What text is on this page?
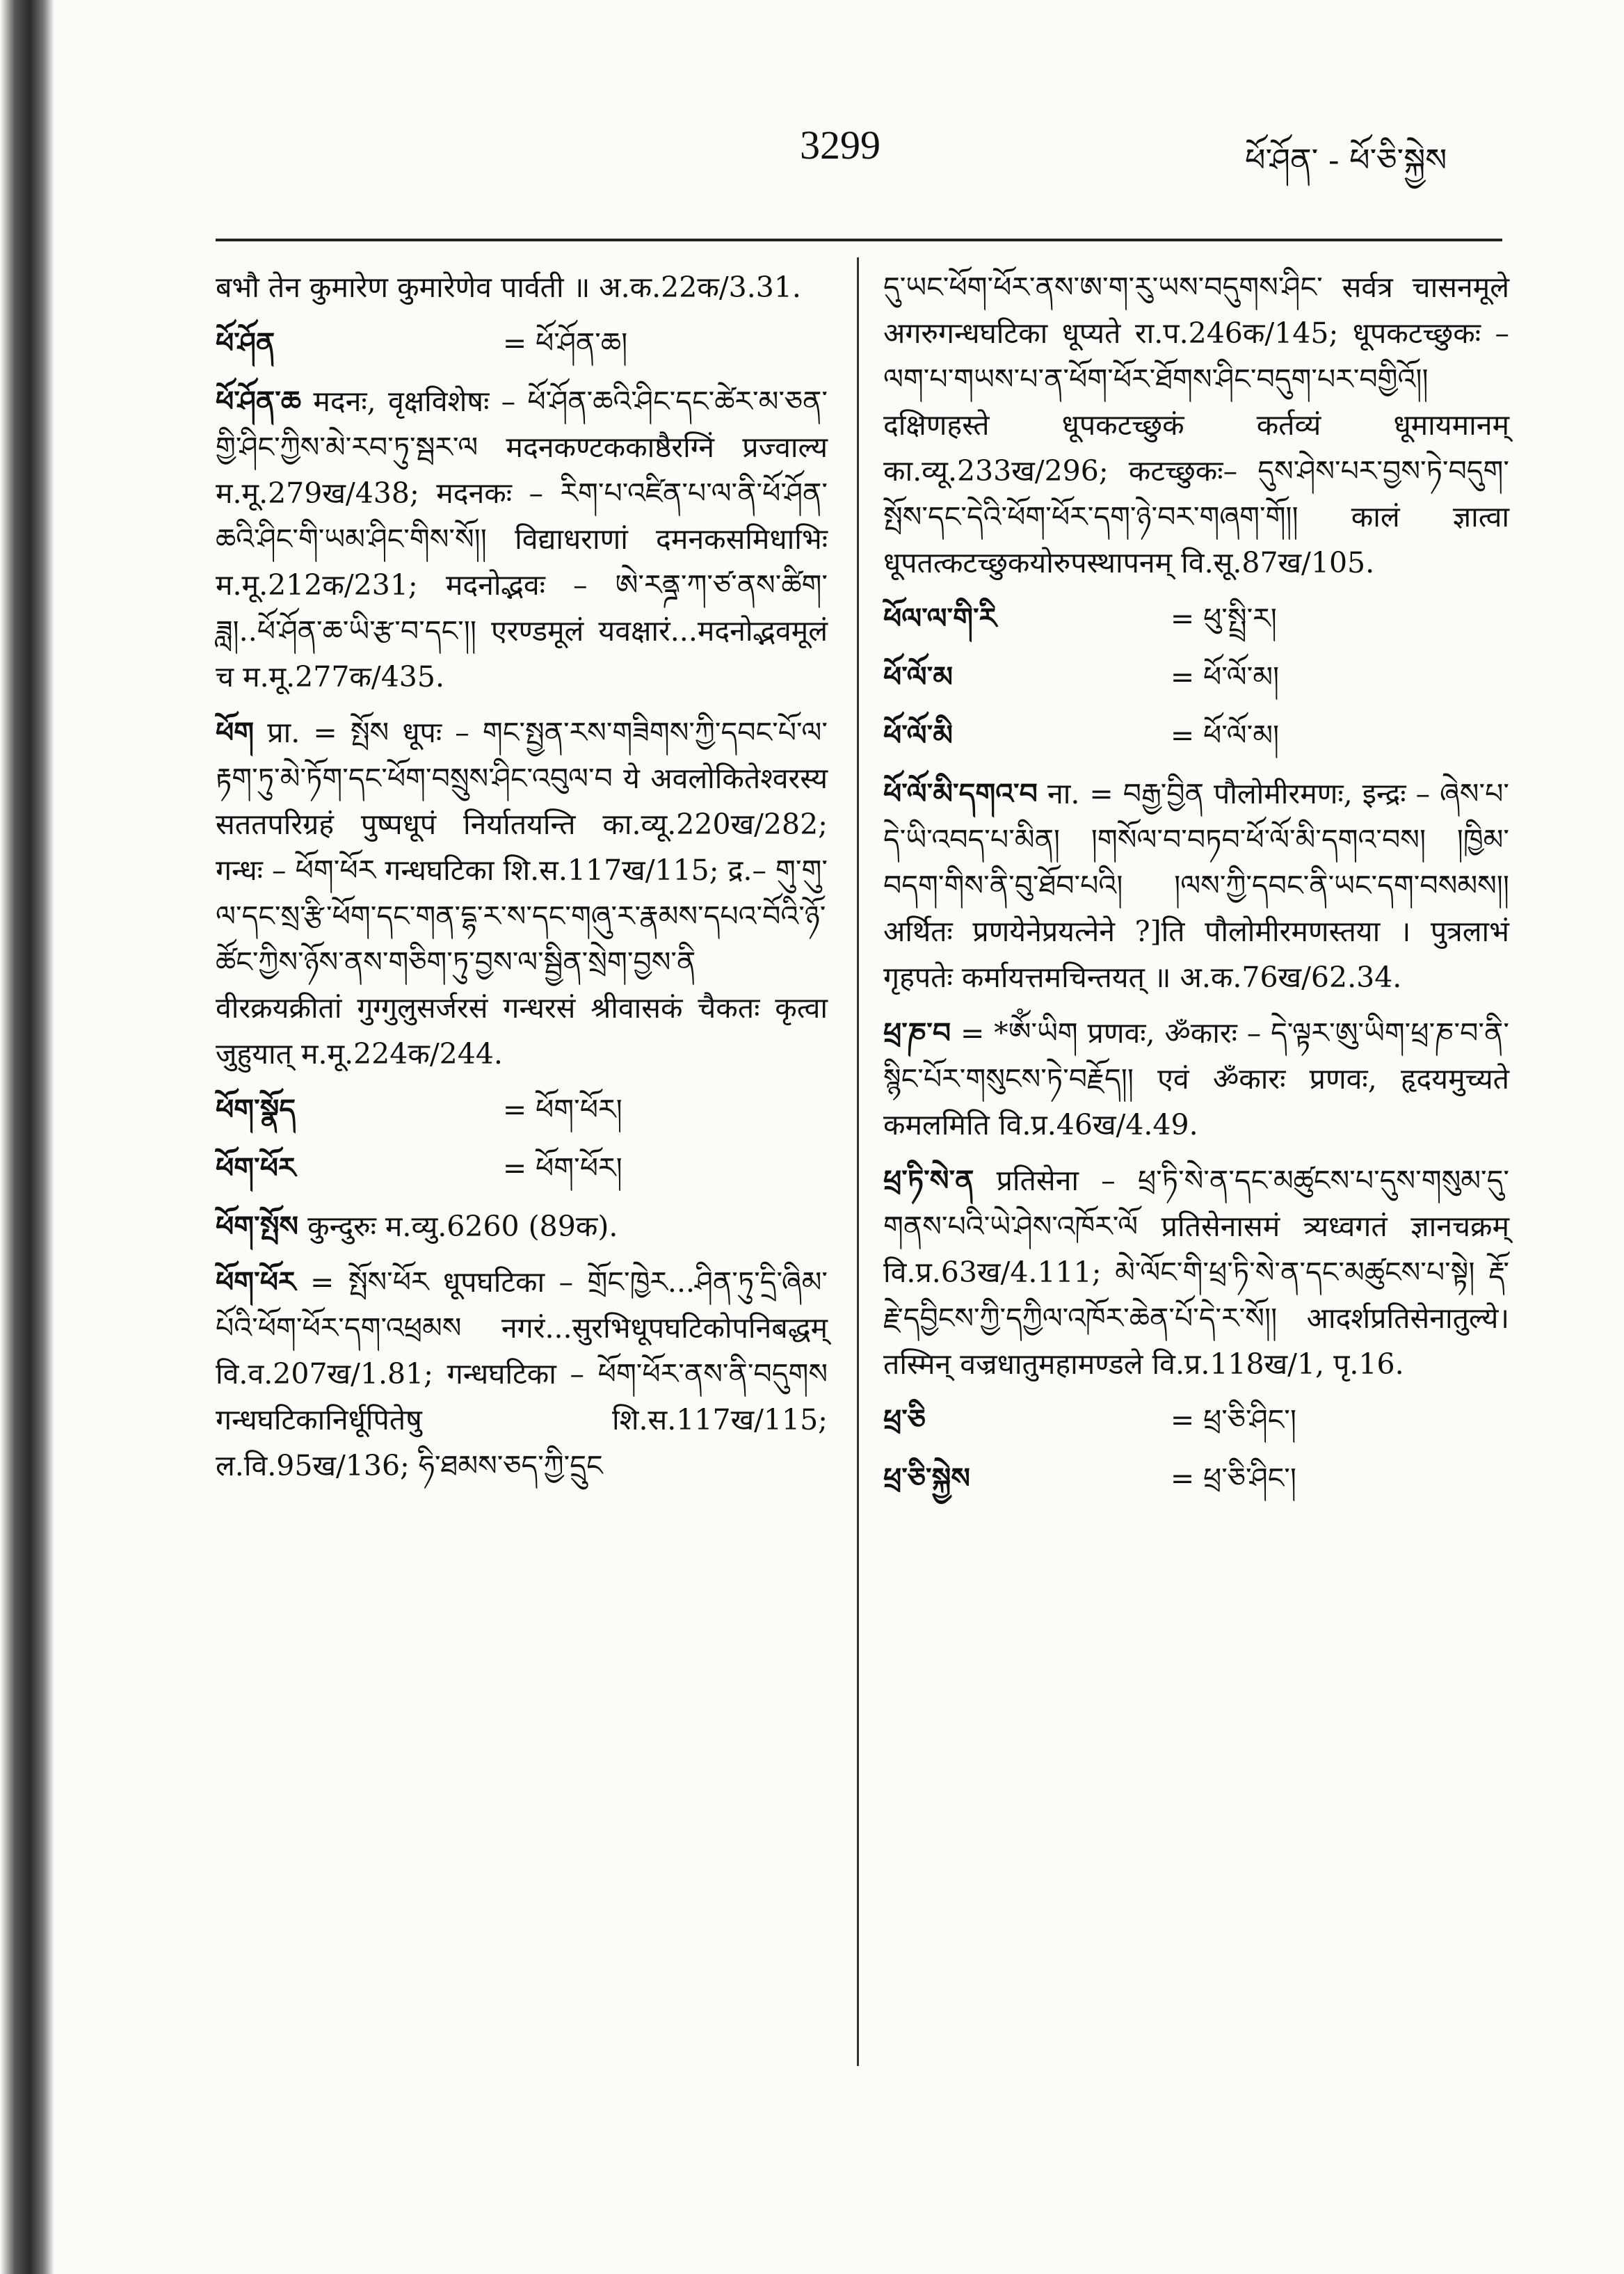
3299	ཕོ་ཤོན་ - ཕོ་ཅི་སྐྱེས
बभौ तेन कुमारेण कुमारेणेव पार्वती ॥ अ.क.22क/3.31.
ཕོ་ཤོན	= ཕོ་ཤོན་ཆ།
ཕོ་ཤོན་ཆ मदनः, वृक्षविशेषः – ཕོ་ཤོན་ཆའི་ཤིང་དང་ཚེར་མ་ཅན་གྱི་ཤིང་ཀྱིས་མེ་རབ་ཏུ་སྦར་ལ मदनकण्टककाष्ठैरग्निं प्रज्वाल्य म.मू.279ख/438; मदनकः – རིག་པ་འཛིན་པ་ལ་ནི་ཕོ་ཤོན་ཆའི་ཤིང་གི་ཡམ་ཤིང་གིས་སོ།། विद्याधराणां दमनकसमिधाभिः म.मू.212क/231; मदनोद्भवः – ཨེ་རནྜ་ཀ་ཙ་ནས་ཚིག་ཟླ།..ཕོ་ཤོན་ཆ་ཡི་རྩ་བ་དང་།། एरण्डमूलं यवक्षारं...मदनोद्भवमूलं च म.मू.277क/435.
ཕོག प्रा. = སྤོས धूपः – གང་སྤྱན་རས་གཟིགས་ཀྱི་དབང་པོ་ལ་རྟག་ཏུ་མེ་ཏོག་དང་ཕོག་བསྲུས་ཤིང་འབུལ་བ ये अवलोकितेश्वरस्य सततपरिग्रहं पुष्पधूपं निर्यातयन्ति का.व्यू.220ख/282; गन्धः – ཕོག་ཕོར गन्धघटिका शि.स.117ख/115; द्र.– གུ་གུ་ལ་དང་སྲ་རྩི་ཕོག་དང་གན་དྷ་ར་ས་དང་གཞུ་ར་རྣམས་དཔའ་བོའི་ཉོ་ཚོང་ཀྱིས་ཉོས་ནས་གཅིག་ཏུ་བྱས་ལ་སྦྱིན་སྲེག་བྱས་ནི वीरक्रयक्रीतां गुग्गुलुसर्जरसं गन्धरसं श्रीवासकं चैकतः कृत्वा जुहुयात् म.मू.224क/244.
ཕོག་སྣོད	= ཕོག་ཕོར།
ཕོག་ཕོར	= ཕོག་ཕོར།
ཕོག་སྤོས कुन्दुरुः म.व्यु.6260 (89क).
ཕོག་ཕོར = སྤོས་ཕོར धूपघटिका – གྲོང་ཁྱེར...ཤིན་ཏུ་དྲི་ཞིམ་པོའི་ཕོག་ཕོར་དག་འཕྲམས नगरं...सुरभिधूपघटिकोपनिबद्धम् वि.व.207ख/1.81; गन्धघटिका – ཕོག་ཕོར་ནས་ནི་བདུགས गन्धघटिकानिर्धूपितेषु शि.स.117ख/115; ल.वि.95ख/136; ཧི་ཐམས་ཅད་ཀྱི་དྲུང
དུ་ཡང་ཕོག་ཕོར་ནས་ཨ་ག་རུ་ཡས་བདུགས་ཤིང་ सर्वत्र चासनमूले अगरुगन्धघटिका धूप्यते रा.प.246क/145; धूपकटच्छुकः – ལག་པ་གཡས་པ་ན་ཕོག་ཕོར་ཐོགས་ཤིང་བདུག་པར་བགྱིའོ།། दक्षिणहस्ते धूपकटच्छुकं कर्तव्यं धूमायमानम् का.व्यू.233ख/296; कटच्छुकः– དུས་ཤེས་པར་བྱས་ཏེ་བདུག་སྤོས་དང་དེའི་ཕོག་ཕོར་དག་ཉེ་བར་གཞག་གོ།། कालं ज्ञात्वा धूपतत्कटच्छुकयोरुपस्थापनम् वि.सू.87ख/105.
ཕོལ་ལ་གི་རི	= ཕུ་སྤྲི་ར།
ཕོ་ལོ་མ	= ཕོ་ལོ་མ།
ཕོ་ལོ་མི	= ཕོ་ལོ་མ།
ཕོ་ལོ་མི་དགའ་བ ना. = བརྒྱ་བྱིན पौलोमीरमणः, इन्द्रः – ཞེས་པ་དེ་ཡི་འབད་པ་མིན། །གསོལ་བ་བཏབ་ཕོ་ལོ་མི་དགའ་བས། །ཁྱིམ་བདག་གིས་ནི་བུ་ཐོབ་པའི། །ལས་ཀྱི་དབང་ནི་ཡང་དག་བསམས།། अर्थितः प्रणयेनेप्रयत्नेने ?]ति पौलोमीरमणस्तया । पुत्रलाभं गृहपतेः कर्मायत्तमचिन्तयत् ॥ अ.क.76ख/62.34.
ཕྲ་ཎ་བ = *ཨོཾ་ཡིག प्रणवः, ॐकारः – དེ་ལྟར་ཨུ་ཡིག་ཕྲ་ཎ་བ་ནི་སྙིང་པོར་གསུངས་ཏེ་བརྗོད།། एवं ॐकारः प्रणवः, हृदयमुच्यते कमलमिति वि.प्र.46ख/4.49.
ཕྲ་ཏི་སེ་ན प्रतिसेना – ཕྲ་ཏི་སེ་ན་དང་མཚུངས་པ་དུས་གསུམ་དུ་གནས་པའི་ཡེ་ཤེས་འཁོར་ལོ प्रतिसेनासमं त्र्यध्वगतं ज्ञानचक्रम् वि.प्र.63ख/4.111; མེ་ལོང་གི་ཕྲ་ཏི་སེ་ན་དང་མཚུངས་པ་སྟེ། རྡོ་རྗེ་དབྱིངས་ཀྱི་དཀྱིལ་འཁོར་ཆེན་པོ་དེ་ར་སོ།། आदर्शप्रतिसेनातुल्ये। तस्मिन् वज्रधातुमहामण्डले वि.प्र.118ख/1, पृ.16.
ཕྲ་ཅི	= ཕྲ་ཅི་ཤིང་།
ཕྲ་ཅི་སྐྱེས	= ཕྲ་ཅི་ཤིང་།
